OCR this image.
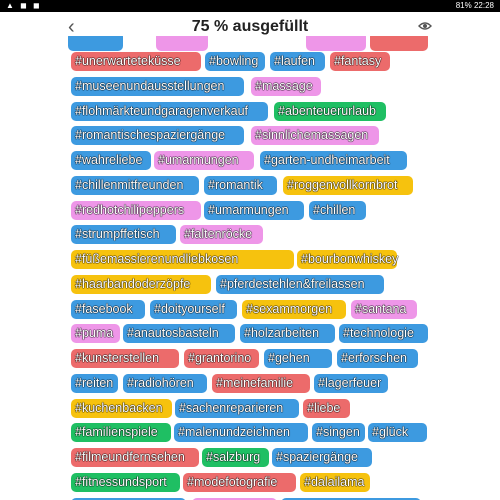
▲ ◼ ◼	81% 22:28
‹	75 % ausgefüllt
#unerwarteteküsse	#bowling	#laufen	#fantasy
#museenundausstellungen	#massage
#flohmärkteundgaragenverkauf	#abenteuerurlaub
#romantischespaziergänge	#sinnlichemassagen
#wahreliebe	#umarmungen	#garten-undheimarbeit
#chillenmitfreunden	#romantik	#roggenvollkornbrot
#redhotchilipeppers	#umarmungen	#chillen
#strumpffetisch	#faltenröcke
#füßemassierenundliebkosen	#bourbonwhiskey
#haarbandoderzöpfe	#pferdestehlen&freilassen
#fasebook	#doityourself	#sexammorgen	#santana
#puma	#anautosbasteln	#holzarbeiten	#technologie
#kunsterstellen	#grantorino	#gehen	#erforschen
#reiten	#radiohören	#meinefamilie	#lagerfeuer
#kuchenbacken	#sachenreparieren	#liebe
#familienspiele	#malenundzeichnen	#singen #glück
#filmeundfernsehen	#salzburg	#spaziergänge
#fitnessundsport	#modefotografie	#dalailama
